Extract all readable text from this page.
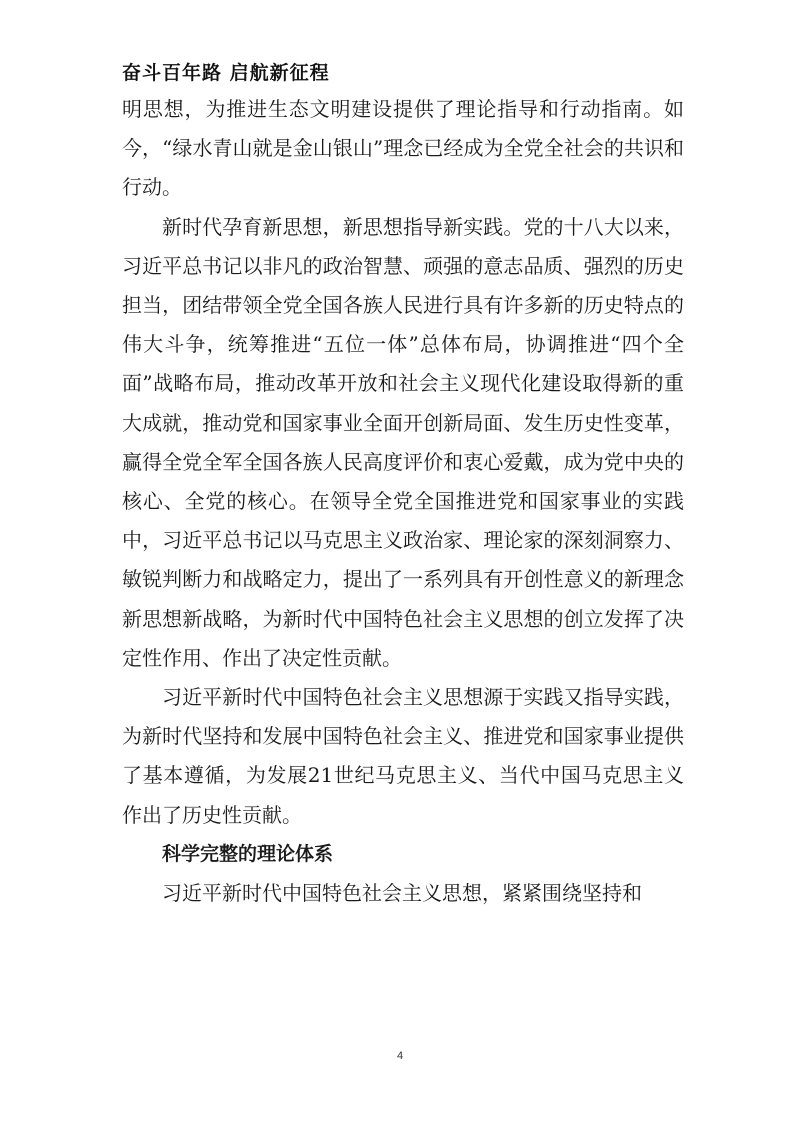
奋斗百年路 启航新征程

明思想，为推进生态文明建设提供了理论指导和行动指南。如今，“绿水青山就是金山银山”理念已经成为全党全社会的共识和行动。

新时代孕育新思想，新思想指导新实践。党的十八大以来，习近平总书记以非凡的政治智慧、顽强的意志品质、强烈的历史担当，团结带领全党全国各族人民进行具有许多新的历史特点的伟大斗争，统筹推进“五位一体”总体布局，协调推进“四个全面”战略布局，推动改革开放和社会主义现代化建设取得新的重大成就，推动党和国家事业全面开创新局面、发生历史性变革，赢得全党全军全国各族人民高度评价和衷心爱戴，成为党中央的核心、全党的核心。在领导全党全国推进党和国家事业的实践中，习近平总书记以马克思主义政治家、理论家的深刻洞察力、敏锐判断力和战略定力，提出了一系列具有开创性意义的新理念新思想新战略，为新时代中国特色社会主义思想的创立发挥了决定性作用、作出了决定性贡献。

习近平新时代中国特色社会主义思想源于实践又指导实践，为新时代坚持和发展中国特色社会主义、推进党和国家事业提供了基本遵循，为发展21世纪马克思主义、当代中国马克思主义作出了历史性贡献。

科学完整的理论体系

习近平新时代中国特色社会主义思想，紧紧围绕坚持和

4
